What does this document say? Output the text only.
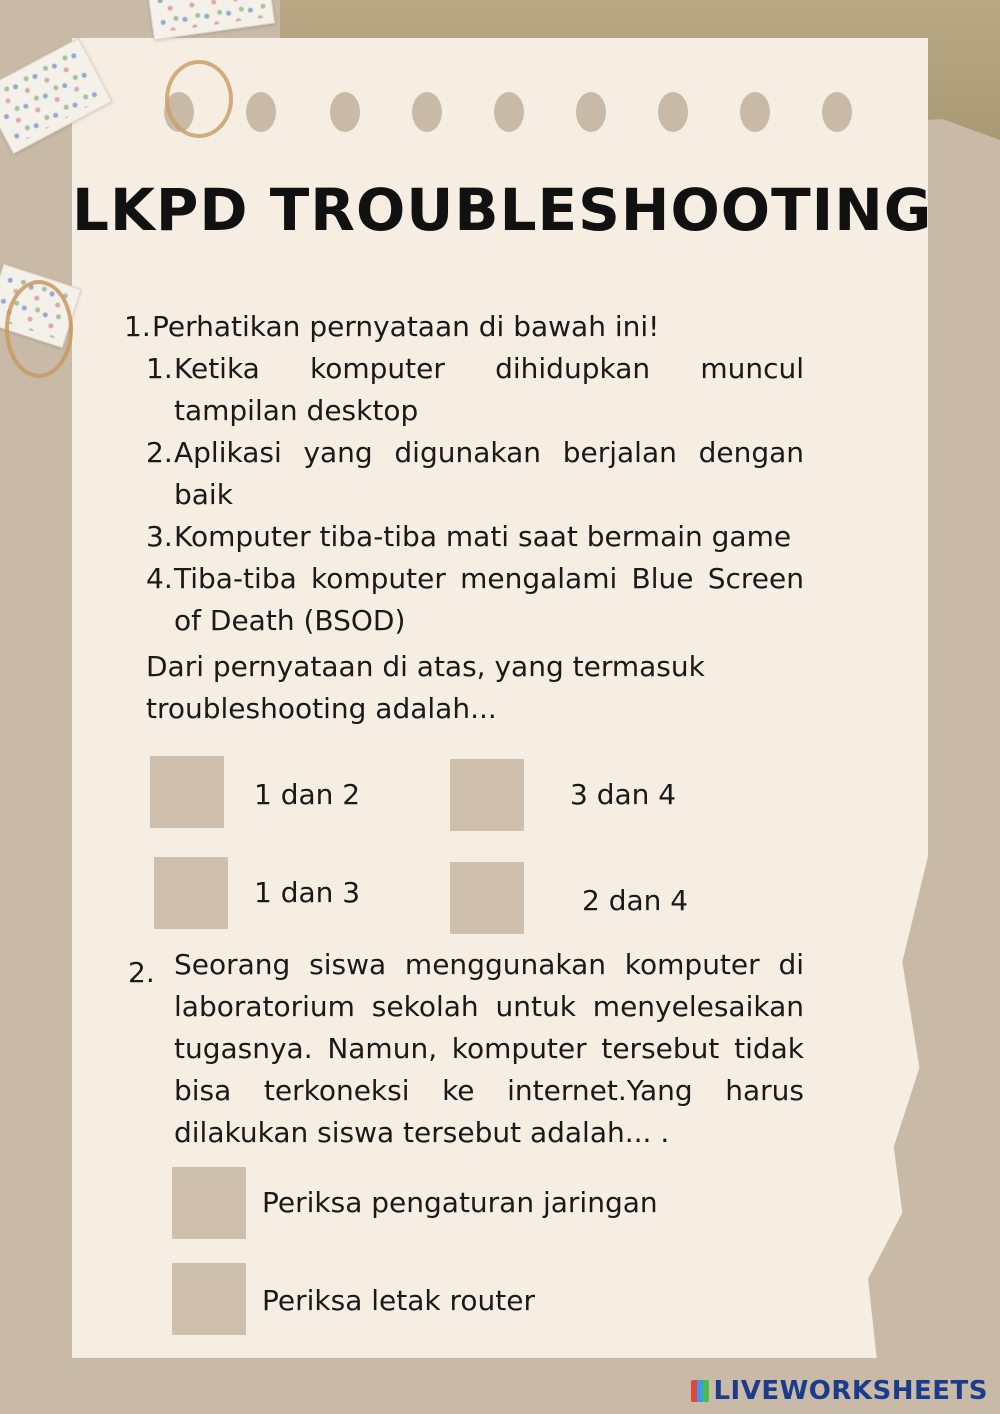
LKPD TROUBLESHOOTING
1. Perhatikan pernyataan di bawah ini!
1. Ketika komputer dihidupkan muncul tampilan desktop
2. Aplikasi yang digunakan berjalan dengan baik
3. Komputer tiba-tiba mati saat bermain game
4. Tiba-tiba komputer mengalami Blue Screen of Death (BSOD)
Dari pernyataan di atas, yang termasuk troubleshooting adalah...
1 dan 2	3 dan 4
1 dan 3	2 dan 4
2. Seorang siswa menggunakan komputer di laboratorium sekolah untuk menyelesaikan tugasnya. Namun, komputer tersebut tidak bisa terkoneksi ke internet.Yang harus dilakukan siswa tersebut adalah... .
Periksa pengaturan jaringan
Periksa letak router
LIVEWORKSHEETS
